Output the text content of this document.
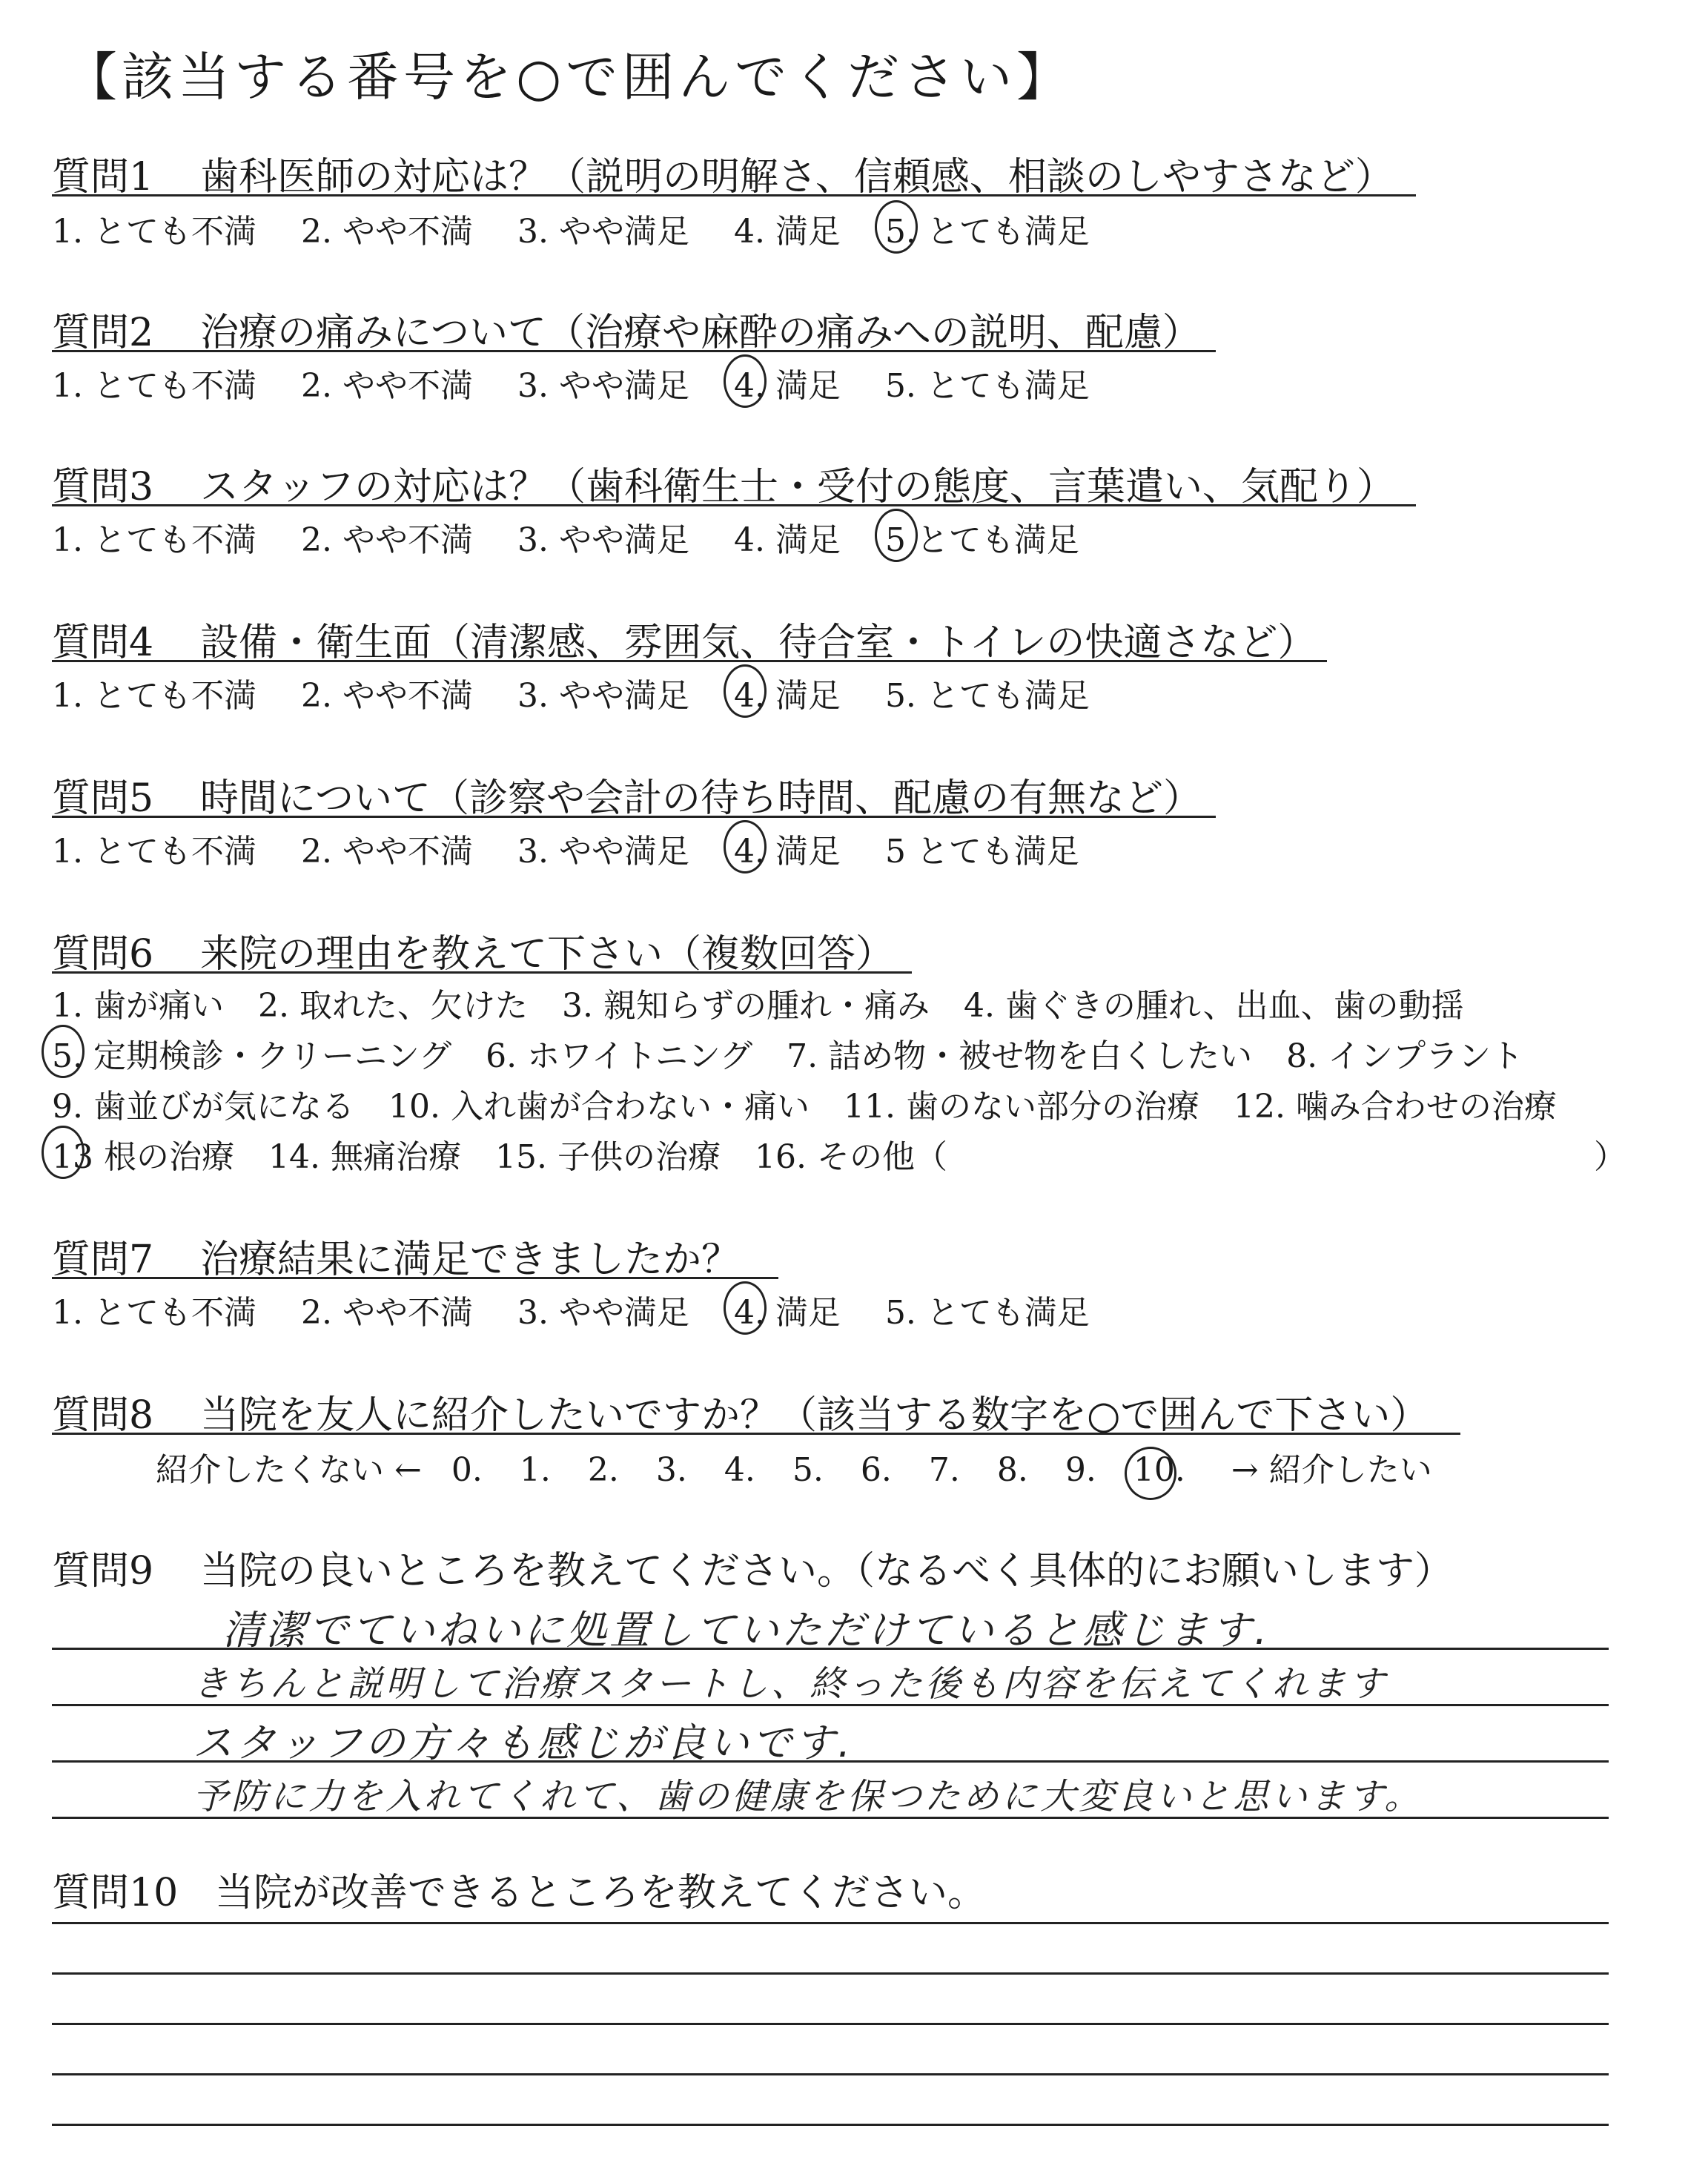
【該当する番号を○で囲んでください】
質問1 歯科医師の対応は？（説明の明解さ、信頼感、相談のしやすさなど）
1. とても不満 2. やや不満 3. やや満足 4. 満足 5. とても満足
質問2 治療の痛みについて（治療や麻酔の痛みへの説明、配慮）
1. とても不満 2. やや不満 3. やや満足 4. 満足 5. とても満足
質問3 スタッフの対応は？（歯科衛生士・受付の態度、言葉遣い、気配り）
1. とても不満 2. やや不満 3. やや満足 4. 満足 5 とても満足
質問4 設備・衛生面（清潔感、雰囲気、待合室・トイレの快適さなど）
1. とても不満 2. やや不満 3. やや満足 4. 満足 5. とても満足
質問5 時間について（診察や会計の待ち時間、配慮の有無など）
1. とても不満 2. やや不満 3. やや満足 4. 満足 5 とても満足
質問6 来院の理由を教えて下さい（複数回答）
1. 歯が痛い 2. 取れた、欠けた 3. 親知らずの腫れ・痛み 4. 歯ぐきの腫れ、出血、歯の動揺
5. 定期検診・クリーニング 6. ホワイトニング 7. 詰め物・被せ物を白くしたい 8. インプラント
9. 歯並びが気になる 10. 入れ歯が合わない・痛い 11. 歯のない部分の治療 12. 噛み合わせの治療
13 根の治療 14. 無痛治療 15. 子供の治療 16. その他（	）
質問7 治療結果に満足できましたか？
1. とても不満 2. やや不満 3. やや満足 4. 満足 5. とても満足
質問8 当院を友人に紹介したいですか？（該当する数字を○で囲んで下さい）
紹介したくない ← 0. 1. 2. 3. 4. 5. 6. 7. 8. 9. 10. → 紹介したい
質問9 当院の良いところを教えてください。（なるべく具体的にお願いします）
清潔でていねいに処置していただけていると感じます.
きちんと説明して治療スタートし、終った後も内容を伝えてくれます
スタッフの方々も感じが良いです.
予防に力を入れてくれて、歯の健康を保つために大変良いと思います。
質問10 当院が改善できるところを教えてください。
